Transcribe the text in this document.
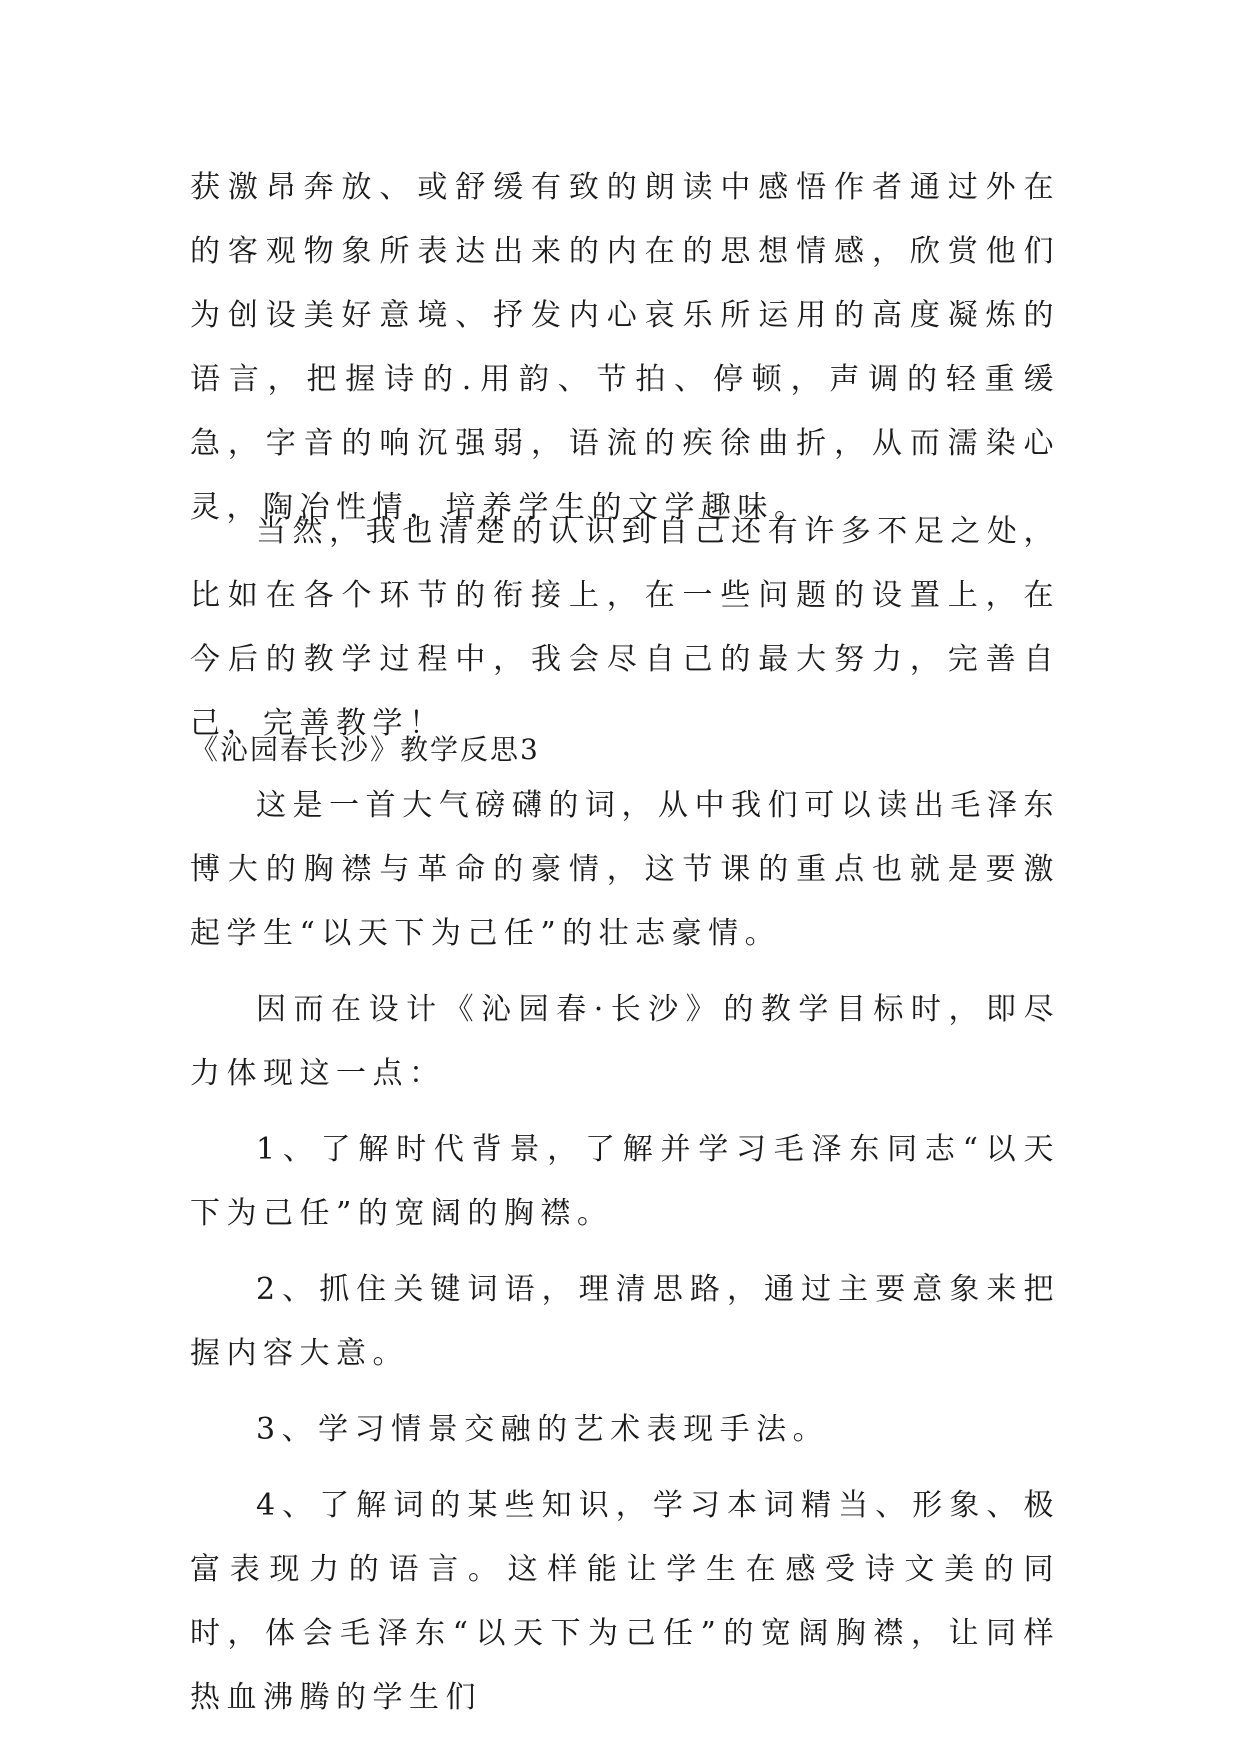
获激昂奔放、或舒缓有致的朗读中感悟作者通过外在的客观物象所表达出来的内在的思想情感，欣赏他们为创设美好意境、抒发内心哀乐所运用的高度凝炼的语言，把握诗的.用韵、节拍、停顿，声调的轻重缓急，字音的响沉强弱，语流的疾徐曲折，从而濡染心灵，陶冶性情，培养学生的文学趣味。

当然，我也清楚的认识到自己还有许多不足之处，比如在各个环节的衔接上，在一些问题的设置上，在今后的教学过程中，我会尽自己的最大努力，完善自己，完善教学！

《沁园春长沙》教学反思3

这是一首大气磅礴的词，从中我们可以读出毛泽东博大的胸襟与革命的豪情，这节课的重点也就是要激起学生“以天下为己任”的壮志豪情。

因而在设计《沁园春·长沙》的教学目标时，即尽力体现这一点：

1、了解时代背景，了解并学习毛泽东同志“以天下为己任”的宽阔的胸襟。

2、抓住关键词语，理清思路，通过主要意象来把握内容大意。

3、学习情景交融的艺术表现手法。

4、了解词的某些知识，学习本词精当、形象、极富表现力的语言。这样能让学生在感受诗文美的同时，体会毛泽东“以天下为己任”的宽阔胸襟，让同样热血沸腾的学生们
